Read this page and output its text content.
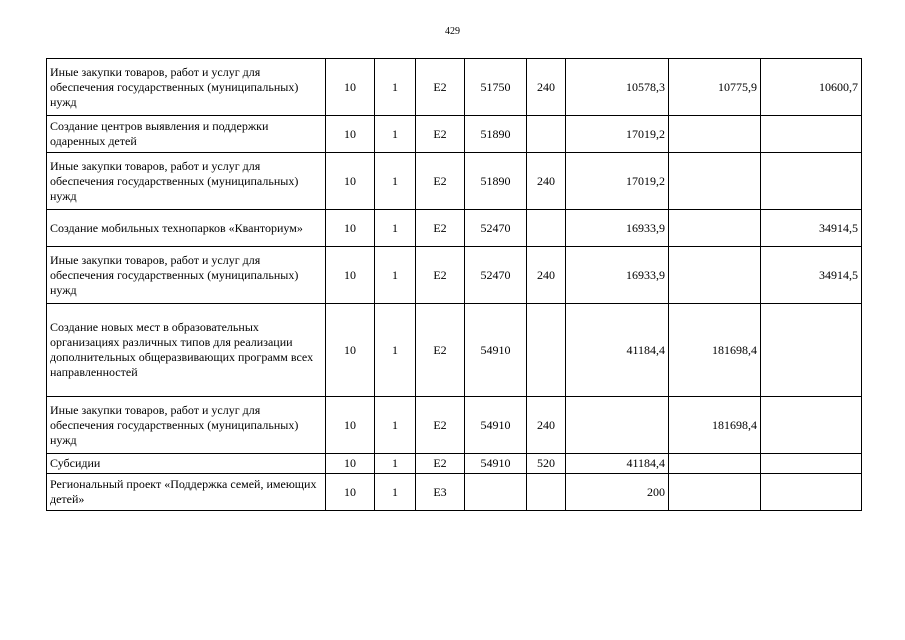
429
Иные закупки товаров, работ и услуг для обеспечения государственных (муниципальных) нужд	10	1	Е2	51750	240	10578,3	10775,9	10600,7
Создание центров выявления и поддержки одаренных детей	10	1	Е2	51890		17019,2		
Иные закупки товаров, работ и услуг для обеспечения государственных (муниципальных) нужд	10	1	Е2	51890	240	17019,2		
Создание мобильных технопарков «Кванториум»	10	1	Е2	52470		16933,9		34914,5
Иные закупки товаров, работ и услуг для обеспечения государственных (муниципальных) нужд	10	1	Е2	52470	240	16933,9		34914,5
Создание новых мест в образовательных организациях различных типов для реализации дополнительных общеразвивающих программ всех направленностей	10	1	Е2	54910		41184,4	181698,4	
Иные закупки товаров, работ и услуг для обеспечения государственных (муниципальных) нужд	10	1	Е2	54910	240		181698,4	
Субсидии	10	1	Е2	54910	520	41184,4		
Региональный проект «Поддержка семей, имеющих детей»	10	1	Е3			200		
